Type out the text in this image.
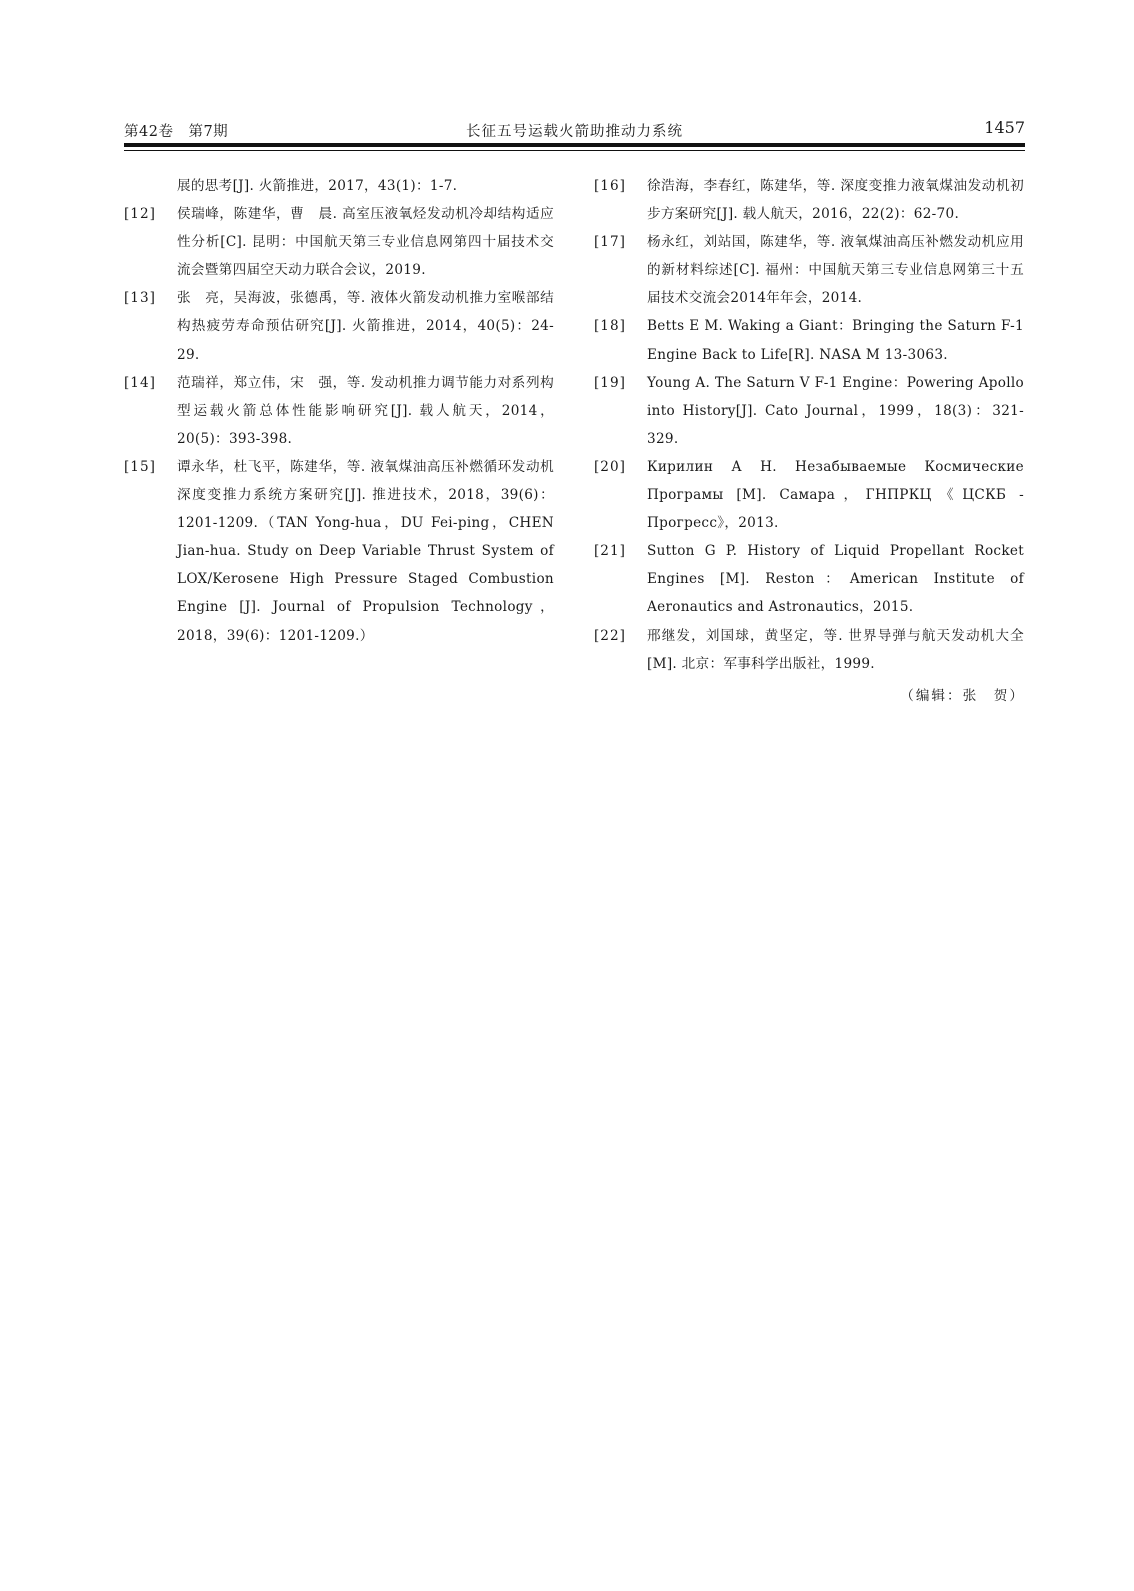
第42卷　第7期	长征五号运载火箭助推动力系统	1457
展的思考[J]. 火箭推进，2017，43(1)：1-7.
[12]	侯瑞峰，陈建华，曹　晨. 高室压液氧烃发动机冷却结构适应性分析[C]. 昆明：中国航天第三专业信息网第四十届技术交流会暨第四届空天动力联合会议，2019.
[13]	张　亮，吴海波，张德禹，等. 液体火箭发动机推力室喉部结构热疲劳寿命预估研究[J]. 火箭推进，2014，40(5)：24-29.
[14]	范瑞祥，郑立伟，宋　强，等. 发动机推力调节能力对系列构型运载火箭总体性能影响研究[J]. 载人航天，2014，20(5)：393-398.
[15]	谭永华，杜飞平，陈建华，等. 液氧煤油高压补燃循环发动机深度变推力系统方案研究[J]. 推进技术，2018，39(6)：1201-1209.（TAN Yong-hua，DU Fei-ping，CHEN Jian-hua. Study on Deep Variable Thrust System of LOX/Kerosene High Pressure Staged Combustion Engine [J]. Journal of Propulsion Technology，2018，39(6)：1201-1209.）
[16]	徐浩海，李春红，陈建华，等. 深度变推力液氧煤油发动机初步方案研究[J]. 载人航天，2016，22(2)：62-70.
[17]	杨永红，刘站国，陈建华，等. 液氧煤油高压补燃发动机应用的新材料综述[C]. 福州：中国航天第三专业信息网第三十五届技术交流会2014年年会，2014.
[18]	Betts E M. Waking a Giant：Bringing the Saturn F-1 Engine Back to Life[R]. NASA M 13-3063.
[19]	Young A. The Saturn V F-1 Engine：Powering Apollo into History[J]. Cato Journal，1999，18(3)：321-329.
[20]	Кирилин А Н. Незабываемые Космические Програмы [М]. Самара，ГНПРКЦ《ЦСКБ - Прогресс》，2013.
[21]	Sutton G P. History of Liquid Propellant Rocket Engines [M]. Reston：American Institute of Aeronautics and Astronautics，2015.
[22]	邢继发，刘国球，黄坚定，等. 世界导弹与航天发动机大全[M]. 北京：军事科学出版社，1999.
（编辑：张　贺）
